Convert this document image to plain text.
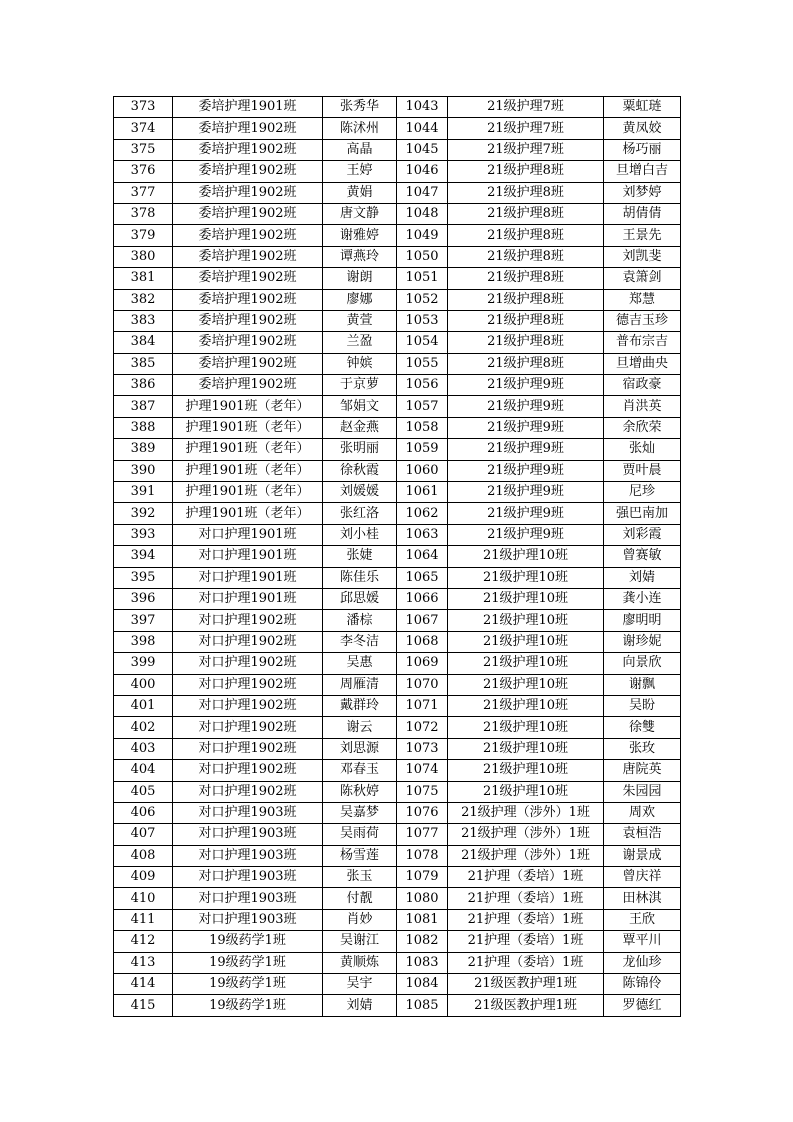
373	委培护理1901班	张秀华	1043	21级护理7班	粟虹琏
374	委培护理1902班	陈沭州	1044	21级护理7班	黄凤姣
375	委培护理1902班	高晶	1045	21级护理7班	杨巧丽
376	委培护理1902班	王婷	1046	21级护理8班	旦增白吉
377	委培护理1902班	黄娟	1047	21级护理8班	刘梦婷
378	委培护理1902班	唐文静	1048	21级护理8班	胡倩倩
379	委培护理1902班	谢雅婷	1049	21级护理8班	王景先
380	委培护理1902班	谭燕玲	1050	21级护理8班	刘凯斐
381	委培护理1902班	谢朗	1051	21级护理8班	袁箫剑
382	委培护理1902班	廖娜	1052	21级护理8班	郑慧
383	委培护理1902班	黄萱	1053	21级护理8班	德吉玉珍
384	委培护理1902班	兰盈	1054	21级护理8班	普布宗吉
385	委培护理1902班	钟嫔	1055	21级护理8班	旦增曲央
386	委培护理1902班	于京萝	1056	21级护理9班	宿政豪
387	护理1901班（老年）	邹娟文	1057	21级护理9班	肖洪英
388	护理1901班（老年）	赵金燕	1058	21级护理9班	余欣荣
389	护理1901班（老年）	张明丽	1059	21级护理9班	张灿
390	护理1901班（老年）	徐秋霞	1060	21级护理9班	贾叶晨
391	护理1901班（老年）	刘媛媛	1061	21级护理9班	尼珍
392	护理1901班（老年）	张红洛	1062	21级护理9班	强巴南加
393	对口护理1901班	刘小桂	1063	21级护理9班	刘彩霞
394	对口护理1901班	张婕	1064	21级护理10班	曾赛敏
395	对口护理1901班	陈佳乐	1065	21级护理10班	刘婧
396	对口护理1901班	邱思媛	1066	21级护理10班	龚小连
397	对口护理1902班	潘棕	1067	21级护理10班	廖明明
398	对口护理1902班	李冬洁	1068	21级护理10班	谢珍妮
399	对口护理1902班	吴惠	1069	21级护理10班	向景欣
400	对口护理1902班	周雁清	1070	21级护理10班	谢飘
401	对口护理1902班	戴群玲	1071	21级护理10班	吴盼
402	对口护理1902班	谢云	1072	21级护理10班	徐雙
403	对口护理1902班	刘思源	1073	21级护理10班	张玫
404	对口护理1902班	邓春玉	1074	21级护理10班	唐院英
405	对口护理1902班	陈秋婷	1075	21级护理10班	朱园园
406	对口护理1903班	吴嘉梦	1076	21级护理（涉外）1班	周欢
407	对口护理1903班	吴雨荷	1077	21级护理（涉外）1班	袁桓浩
408	对口护理1903班	杨雪莲	1078	21级护理（涉外）1班	谢景成
409	对口护理1903班	张玉	1079	21护理（委培）1班	曾庆祥
410	对口护理1903班	付靓	1080	21护理（委培）1班	田林淇
411	对口护理1903班	肖妙	1081	21护理（委培）1班	王欣
412	19级药学1班	吴谢江	1082	21护理（委培）1班	覃平川
413	19级药学1班	黄顺炼	1083	21护理（委培）1班	龙仙珍
414	19级药学1班	吴宇	1084	21级医教护理1班	陈锦伶
415	19级药学1班	刘婧	1085	21级医教护理1班	罗德红
